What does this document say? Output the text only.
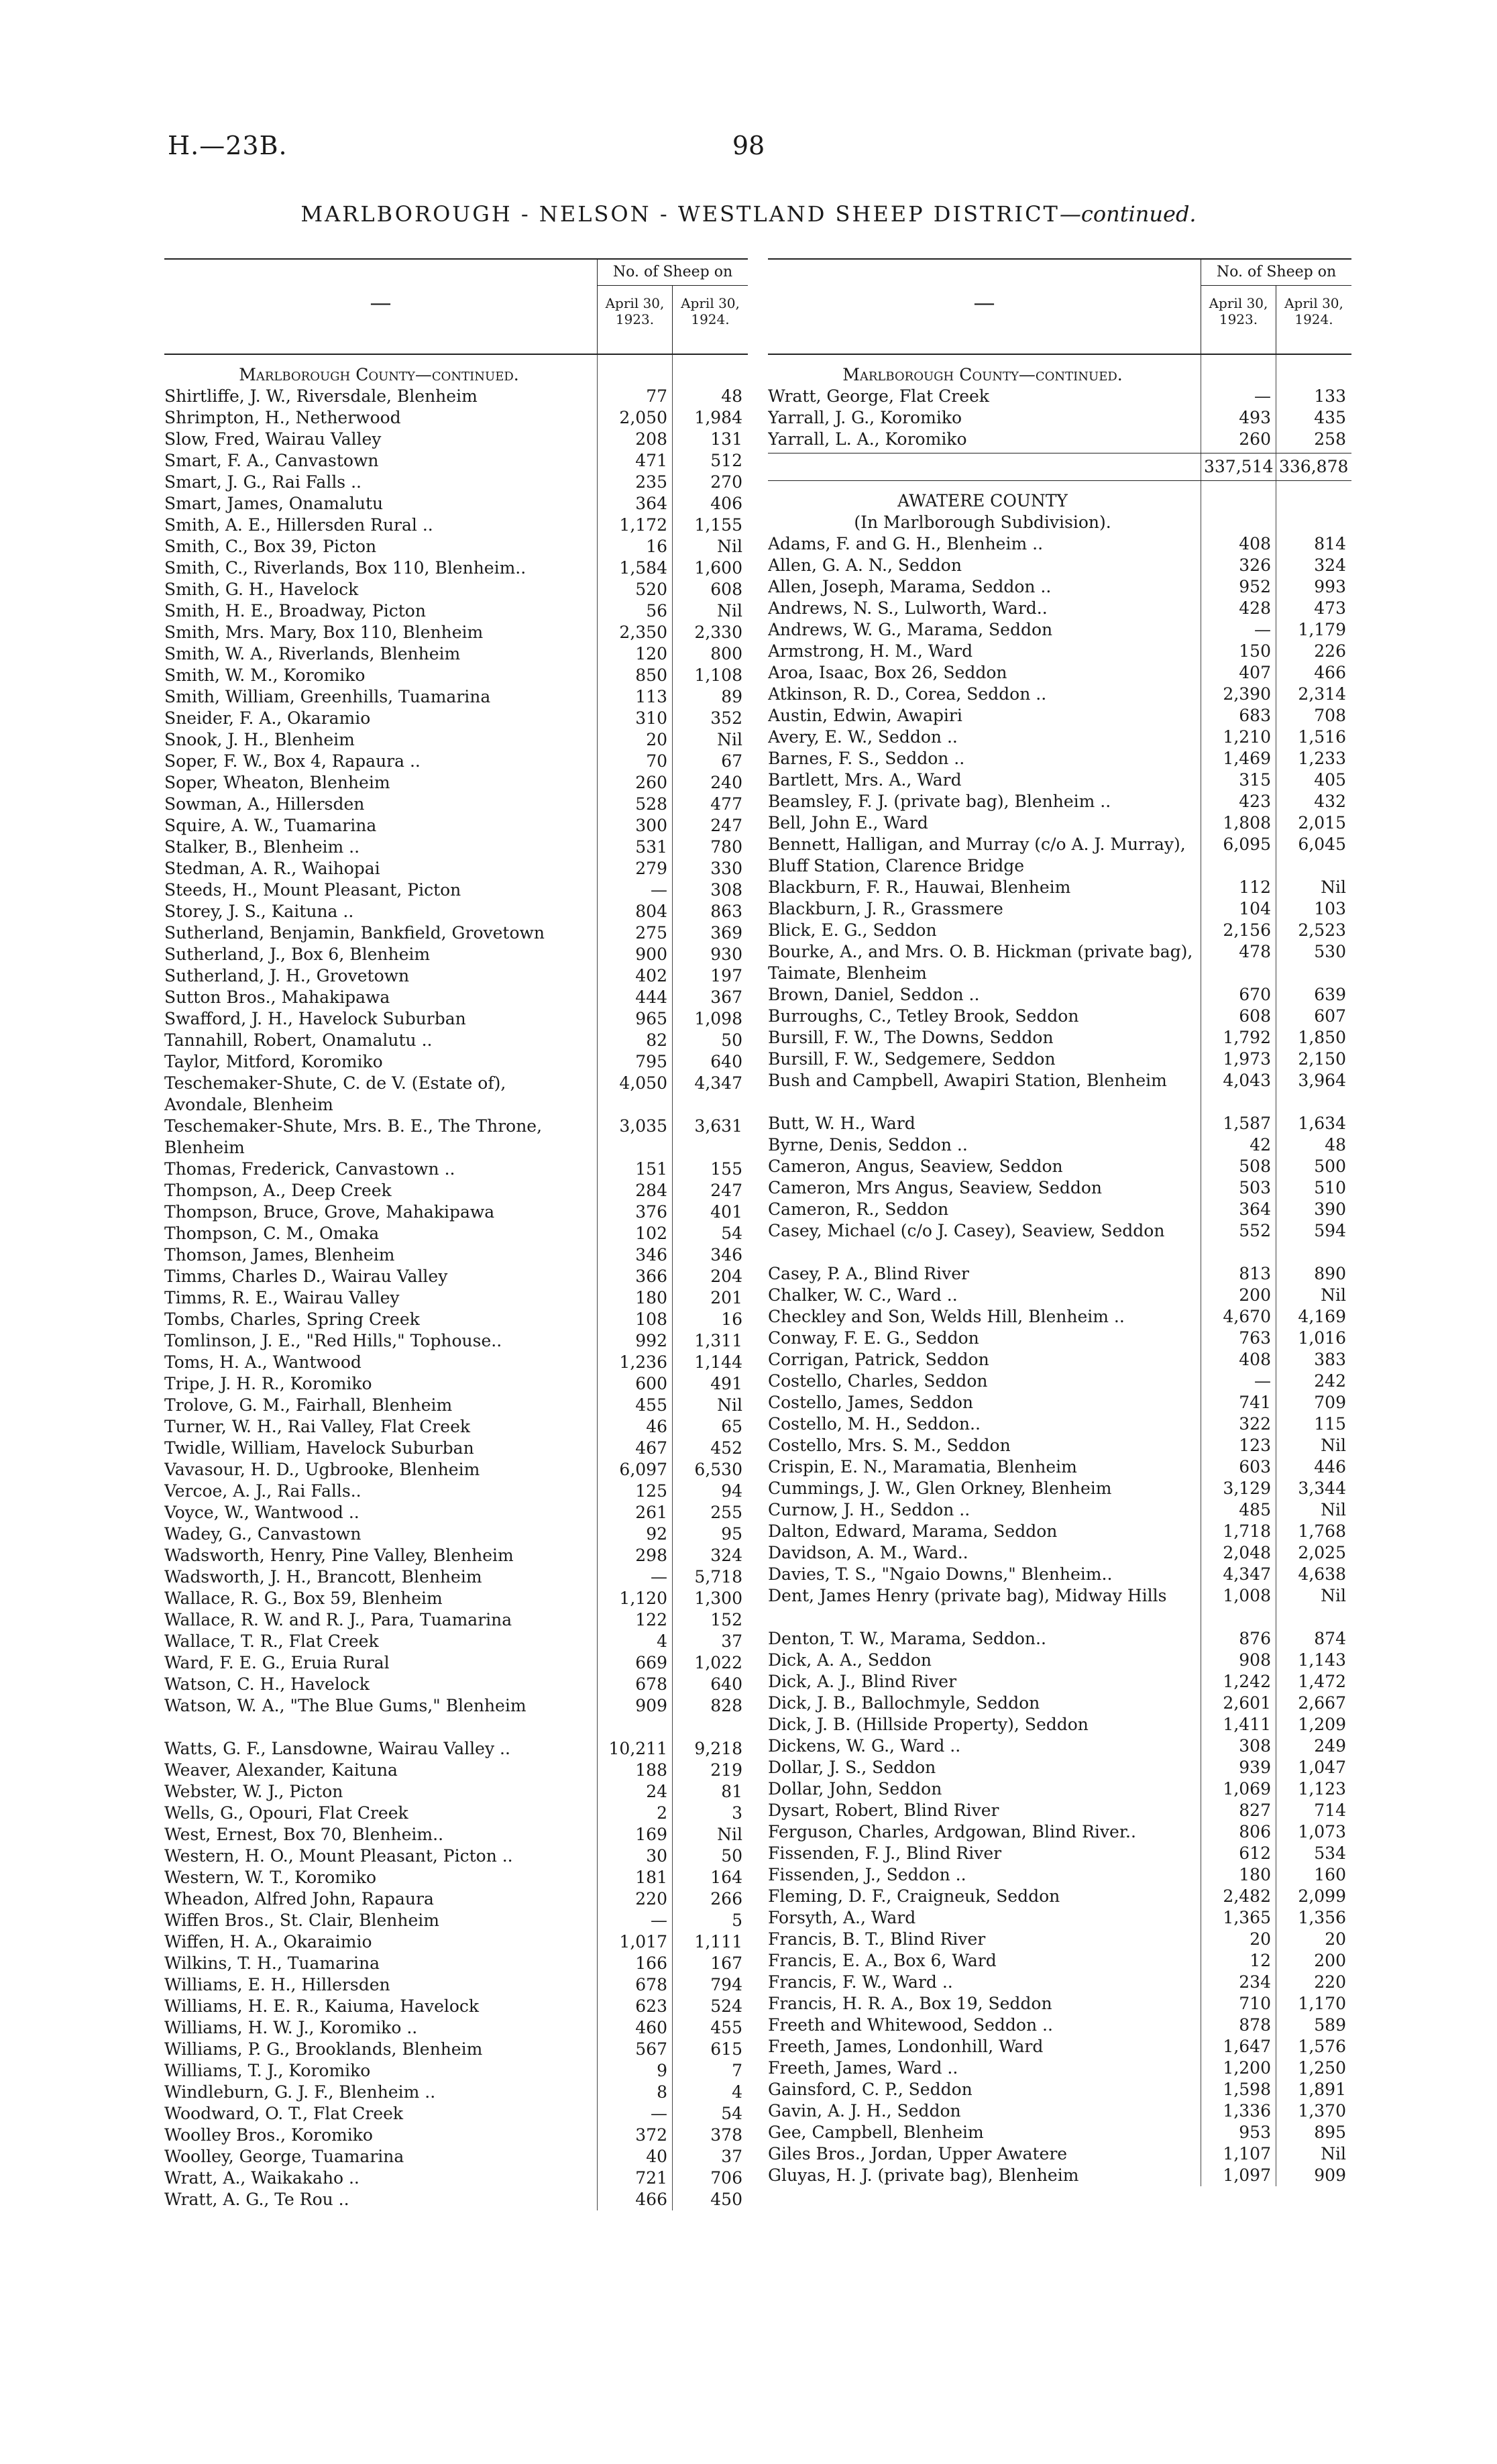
H.—23B.	98
MARLBOROUGH - NELSON - WESTLAND SHEEP DISTRICT—continued.
—
No. of Sheep on
April 30,
1923.
April 30,
1924.
Marlborough County—continued.
Shirtliffe, J. W., Riversdale, Blenheim	77	48
Shrimpton, H., Netherwood	2,050	1,984
Slow, Fred, Wairau Valley	208	131
Smart, F. A., Canvastown	471	512
Smart, J. G., Rai Falls ..	235	270
Smart, James, Onamalutu	364	406
Smith, A. E., Hillersden Rural ..	1,172	1,155
Smith, C., Box 39, Picton	16	Nil
Smith, C., Riverlands, Box 110, Blenheim..	1,584	1,600
Smith, G. H., Havelock	520	608
Smith, H. E., Broadway, Picton	56	Nil
Smith, Mrs. Mary, Box 110, Blenheim	2,350	2,330
Smith, W. A., Riverlands, Blenheim	120	800
Smith, W. M., Koromiko	850	1,108
Smith, William, Greenhills, Tuamarina	113	89
Sneider, F. A., Okaramio	310	352
Snook, J. H., Blenheim	20	Nil
Soper, F. W., Box 4, Rapaura ..	70	67
Soper, Wheaton, Blenheim	260	240
Sowman, A., Hillersden	528	477
Squire, A. W., Tuamarina	300	247
Stalker, B., Blenheim ..	531	780
Stedman, A. R., Waihopai	279	330
Steeds, H., Mount Pleasant, Picton	—	308
Storey, J. S., Kaituna ..	804	863
Sutherland, Benjamin, Bankfield, Grovetown	275	369
Sutherland, J., Box 6, Blenheim	900	930
Sutherland, J. H., Grovetown	402	197
Sutton Bros., Mahakipawa	444	367
Swafford, J. H., Havelock Suburban	965	1,098
Tannahill, Robert, Onamalutu ..	82	50
Taylor, Mitford, Koromiko	795	640
Teschemaker-Shute, C. de V. (Estate of), Avondale, Blenheim
4,050	4,347
Teschemaker-Shute, Mrs. B. E., The Throne, Blenheim
3,035	3,631
Thomas, Frederick, Canvastown ..	151	155
Thompson, A., Deep Creek	284	247
Thompson, Bruce, Grove, Mahakipawa	376	401
Thompson, C. M., Omaka	102	54
Thomson, James, Blenheim	346	346
Timms, Charles D., Wairau Valley	366	204
Timms, R. E., Wairau Valley	180	201
Tombs, Charles, Spring Creek	108	16
Tomlinson, J. E., "Red Hills," Tophouse..	992	1,311
Toms, H. A., Wantwood	1,236	1,144
Tripe, J. H. R., Koromiko	600	491
Trolove, G. M., Fairhall, Blenheim	455	Nil
Turner, W. H., Rai Valley, Flat Creek	46	65
Twidle, William, Havelock Suburban	467	452
Vavasour, H. D., Ugbrooke, Blenheim	6,097	6,530
Vercoe, A. J., Rai Falls..	125	94
Voyce, W., Wantwood ..	261	255
Wadey, G., Canvastown	92	95
Wadsworth, Henry, Pine Valley, Blenheim	298	324
Wadsworth, J. H., Brancott, Blenheim	—	5,718
Wallace, R. G., Box 59, Blenheim	1,120	1,300
Wallace, R. W. and R. J., Para, Tuamarina	122	152
Wallace, T. R., Flat Creek	4	37
Ward, F. E. G., Eruia Rural	669	1,022
Watson, C. H., Havelock	678	640
Watson, W. A., "The Blue Gums," Blenheim	909	828
Watts, G. F., Lansdowne, Wairau Valley ..	10,211	9,218
Weaver, Alexander, Kaituna	188	219
Webster, W. J., Picton	24	81
Wells, G., Opouri, Flat Creek	2	3
West, Ernest, Box 70, Blenheim..	169	Nil
Western, H. O., Mount Pleasant, Picton ..	30	50
Western, W. T., Koromiko	181	164
Wheadon, Alfred John, Rapaura	220	266
Wiffen Bros., St. Clair, Blenheim	—	5
Wiffen, H. A., Okaraimio	1,017	1,111
Wilkins, T. H., Tuamarina	166	167
Williams, E. H., Hillersden	678	794
Williams, H. E. R., Kaiuma, Havelock	623	524
Williams, H. W. J., Koromiko ..	460	455
Williams, P. G., Brooklands, Blenheim	567	615
Williams, T. J., Koromiko	9	7
Windleburn, G. J. F., Blenheim ..	8	4
Woodward, O. T., Flat Creek	—	54
Woolley Bros., Koromiko	372	378
Woolley, George, Tuamarina	40	37
Wratt, A., Waikakaho ..	721	706
Wratt, A. G., Te Rou ..	466	450
—
No. of Sheep on
April 30,
1923.
April 30,
1924.
Marlborough County—continued.
Wratt, George, Flat Creek	—	133
Yarrall, J. G., Koromiko	493	435
Yarrall, L. A., Koromiko	260	258
337,514 336,878
AWATERE COUNTY
(In Marlborough Subdivision).
Adams, F. and G. H., Blenheim ..	408	814
Allen, G. A. N., Seddon	326	324
Allen, Joseph, Marama, Seddon ..	952	993
Andrews, N. S., Lulworth, Ward..	428	473
Andrews, W. G., Marama, Seddon	—	1,179
Armstrong, H. M., Ward	150	226
Aroa, Isaac, Box 26, Seddon	407	466
Atkinson, R. D., Corea, Seddon ..	2,390	2,314
Austin, Edwin, Awapiri	683	708
Avery, E. W., Seddon ..	1,210	1,516
Barnes, F. S., Seddon ..	1,469	1,233
Bartlett, Mrs. A., Ward	315	405
Beamsley, F. J. (private bag), Blenheim ..	423	432
Bell, John E., Ward	1,808	2,015
Bennett, Halligan, and Murray (c/o A. J. Murray), Bluff Station, Clarence Bridge
6,095	6,045
Blackburn, F. R., Hauwai, Blenheim	112	Nil
Blackburn, J. R., Grassmere	104	103
Blick, E. G., Seddon	2,156	2,523
Bourke, A., and Mrs. O. B. Hickman (private bag), Taimate, Blenheim
478	530
Brown, Daniel, Seddon ..	670	639
Burroughs, C., Tetley Brook, Seddon	608	607
Bursill, F. W., The Downs, Seddon	1,792	1,850
Bursill, F. W., Sedgemere, Seddon	1,973	2,150
Bush and Campbell, Awapiri Station, Blenheim	4,043	3,964
Butt, W. H., Ward	1,587	1,634
Byrne, Denis, Seddon ..	42	48
Cameron, Angus, Seaview, Seddon	508	500
Cameron, Mrs Angus, Seaview, Seddon	503	510
Cameron, R., Seddon	364	390
Casey, Michael (c/o J. Casey), Seaview, Seddon	552	594
Casey, P. A., Blind River	813	890
Chalker, W. C., Ward ..	200	Nil
Checkley and Son, Welds Hill, Blenheim ..	4,670	4,169
Conway, F. E. G., Seddon	763	1,016
Corrigan, Patrick, Seddon	408	383
Costello, Charles, Seddon	—	242
Costello, James, Seddon	741	709
Costello, M. H., Seddon..	322	115
Costello, Mrs. S. M., Seddon	123	Nil
Crispin, E. N., Maramatia, Blenheim	603	446
Cummings, J. W., Glen Orkney, Blenheim	3,129	3,344
Curnow, J. H., Seddon ..	485	Nil
Dalton, Edward, Marama, Seddon	1,718	1,768
Davidson, A. M., Ward..	2,048	2,025
Davies, T. S., "Ngaio Downs," Blenheim..	4,347	4,638
Dent, James Henry (private bag), Midway Hills	1,008	Nil
Denton, T. W., Marama, Seddon..	876	874
Dick, A. A., Seddon	908	1,143
Dick, A. J., Blind River	1,242	1,472
Dick, J. B., Ballochmyle, Seddon	2,601	2,667
Dick, J. B. (Hillside Property), Seddon	1,411	1,209
Dickens, W. G., Ward ..	308	249
Dollar, J. S., Seddon	939	1,047
Dollar, John, Seddon	1,069	1,123
Dysart, Robert, Blind River	827	714
Ferguson, Charles, Ardgowan, Blind River..	806	1,073
Fissenden, F. J., Blind River	612	534
Fissenden, J., Seddon ..	180	160
Fleming, D. F., Craigneuk, Seddon	2,482	2,099
Forsyth, A., Ward	1,365	1,356
Francis, B. T., Blind River	20	20
Francis, E. A., Box 6, Ward	12	200
Francis, F. W., Ward ..	234	220
Francis, H. R. A., Box 19, Seddon	710	1,170
Freeth and Whitewood, Seddon ..	878	589
Freeth, James, Londonhill, Ward	1,647	1,576
Freeth, James, Ward ..	1,200	1,250
Gainsford, C. P., Seddon	1,598	1,891
Gavin, A. J. H., Seddon	1,336	1,370
Gee, Campbell, Blenheim	953	895
Giles Bros., Jordan, Upper Awatere	1,107	Nil
Gluyas, H. J. (private bag), Blenheim	1,097	909
